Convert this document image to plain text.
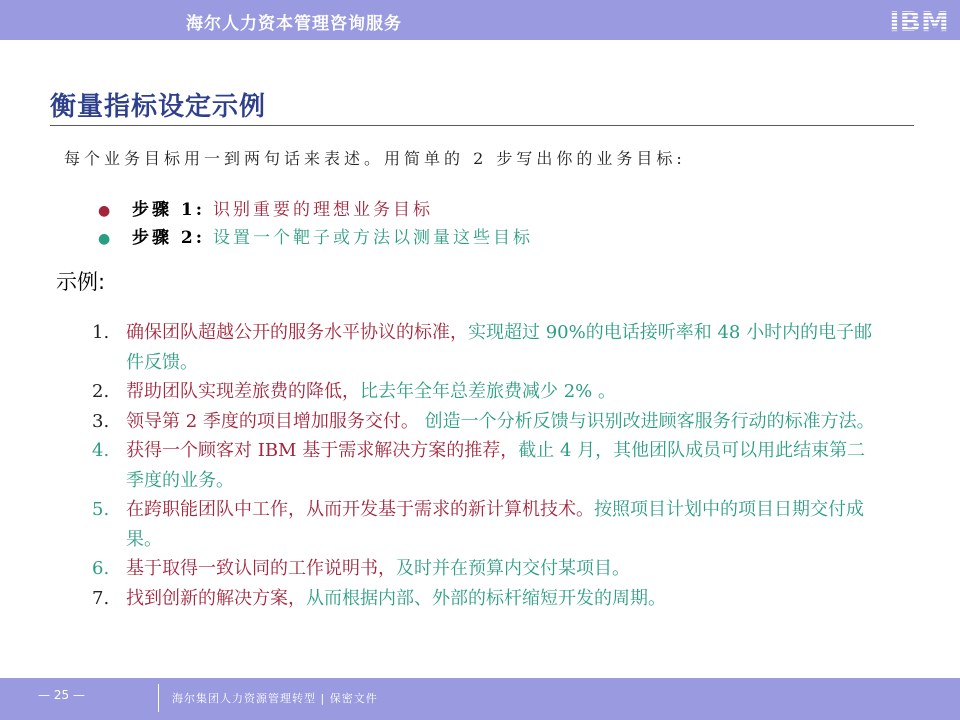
海尔人力资本管理咨询服务	IBM
衡量指标设定示例
每个业务目标用一到两句话来表述。用简单的 2 步写出你的业务目标:
● 步骤 1: 识别重要的理想业务目标
● 步骤 2: 设置一个靶子或方法以测量这些目标
示例:
1. 确保团队超越公开的服务水平协议的标准，实现超过 90%的电话接听率和 48 小时内的电子邮件反馈。
2. 帮助团队实现差旅费的降低，比去年全年总差旅费减少 2% 。
3. 领导第 2 季度的项目增加服务交付。 创造一个分析反馈与识别改进顾客服务行动的标准方法。
4. 获得一个顾客对 IBM 基于需求解决方案的推荐，截止 4 月，其他团队成员可以用此结束第二季度的业务。
5. 在跨职能团队中工作，从而开发基于需求的新计算机技术。按照项目计划中的项目日期交付成果。
6. 基于取得一致认同的工作说明书，及时并在预算内交付某项目。
7. 找到创新的解决方案，从而根据内部、外部的标杆缩短开发的周期。
— 25 —	海尔集团人力资源管理转型 | 保密文件
